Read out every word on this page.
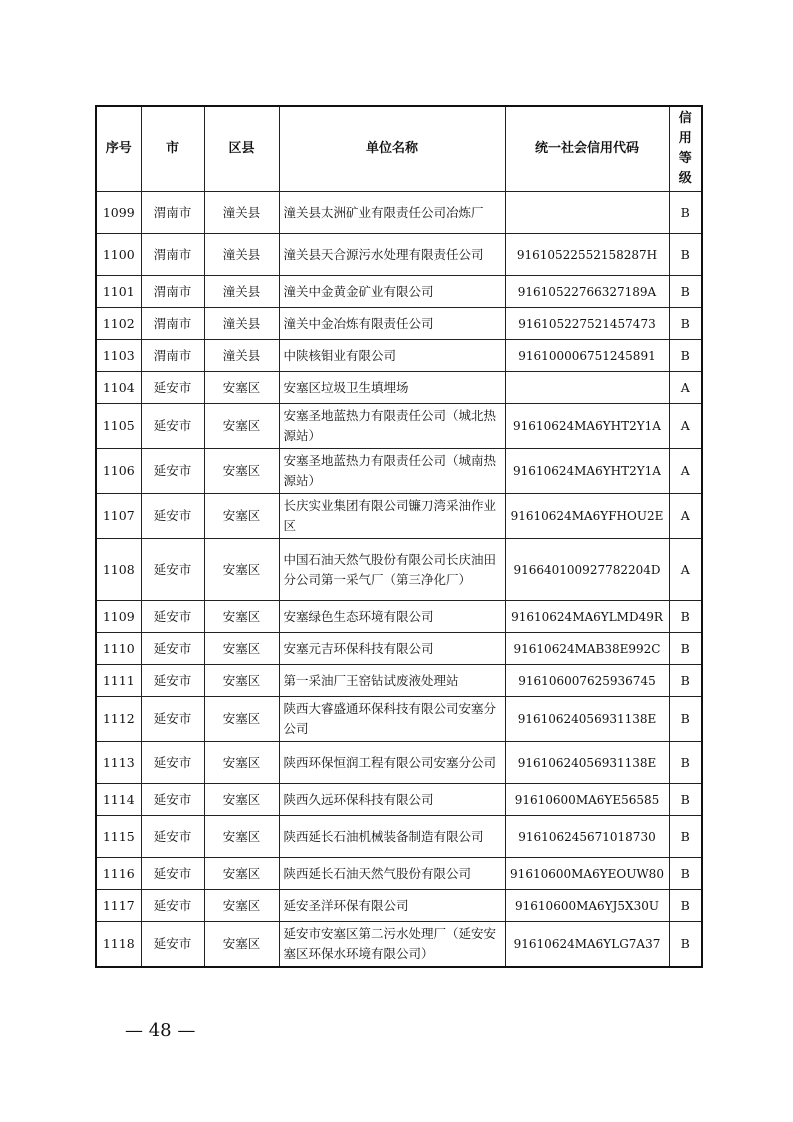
序号	市	区县	单位名称	统一社会信用代码	信用
等级

1099	渭南市	潼关县	潼关县太洲矿业有限责任公司冶炼厂		B
1100	渭南市	潼关县	潼关县天合源污水处理有限责任公司	91610522552158287H	B
1101	渭南市	潼关县	潼关中金黄金矿业有限公司	91610522766327189A	B
1102	渭南市	潼关县	潼关中金冶炼有限责任公司	916105227521457473	B
1103	渭南市	潼关县	中陕核钼业有限公司	916100006751245891	B
1104	延安市	安塞区	安塞区垃圾卫生填埋场		A
1105	延安市	安塞区	安塞圣地蓝热力有限责任公司（城北热源站）	91610624MA6YHT2Y1A	A
1106	延安市	安塞区	安塞圣地蓝热力有限责任公司（城南热源站）	91610624MA6YHT2Y1A	A
1107	延安市	安塞区	长庆实业集团有限公司镰刀湾采油作业区	91610624MA6YFHOU2E	A
1108	延安市	安塞区	中国石油天然气股份有限公司长庆油田分公司第一采气厂（第三净化厂）	916640100927782204D	A
1109	延安市	安塞区	安塞绿色生态环境有限公司	91610624MA6YLMD49R	B
1110	延安市	安塞区	安塞元吉环保科技有限公司	91610624MAB38E992C	B
1111	延安市	安塞区	第一采油厂王窑钻试废液处理站	916106007625936745	B
1112	延安市	安塞区	陕西大睿盛通环保科技有限公司安塞分公司	91610624056931138E	B
1113	延安市	安塞区	陕西环保恒润工程有限公司安塞分公司	91610624056931138E	B
1114	延安市	安塞区	陕西久远环保科技有限公司	91610600MA6YE56585	B
1115	延安市	安塞区	陕西延长石油机械装备制造有限公司	916106245671018730	B
1116	延安市	安塞区	陕西延长石油天然气股份有限公司	91610600MA6YEOUW80	B
1117	延安市	安塞区	延安圣洋环保有限公司	91610600MA6YJ5X30U	B
1118	延安市	安塞区	延安市安塞区第二污水处理厂（延安安塞区环保水环境有限公司）	91610624MA6YLG7A37	B
— 48 —
